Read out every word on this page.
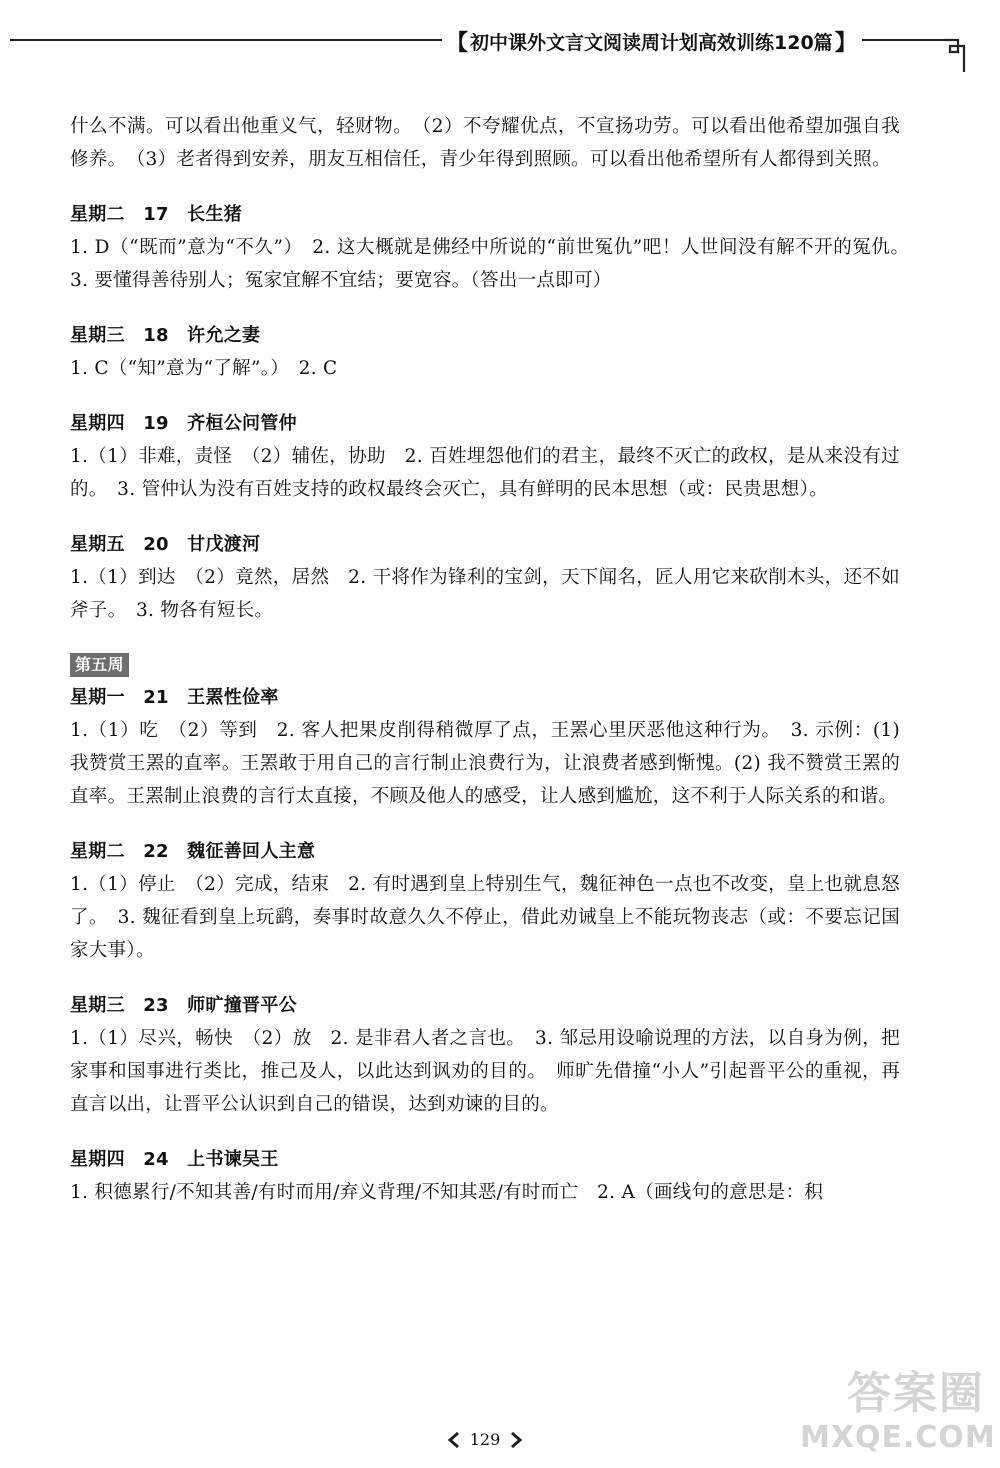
【 初中课外文言文阅读周计划高效训练120篇 】

什么不满。可以看出他重义气，轻财物。　（2）不夸耀优点，不宣扬功劳。可以看出他希望加强自我修养。　（3）老者得到安养，朋友互相信任，青少年得到照顾。可以看出他希望所有人都得到关照。

星期二　17　长生猪

1. D（“既而”意为“不久”）　2. 这大概就是佛经中所说的“前世冤仇”吧！人世间没有解不开的冤仇。　3. 要懂得善待别人；冤家宜解不宜结；要宽容。（答出一点即可）

星期三　18　许允之妻

1. C（“知”意为“了解”。）　2. C

星期四　19　齐桓公问管仲

1.（1）非难，责怪　（2）辅佐，协助　2. 百姓埋怨他们的君主，最终不灭亡的政权，是从来没有过的。　3. 管仲认为没有百姓支持的政权最终会灭亡，具有鲜明的民本思想（或：民贵思想）。

星期五　20　甘戊渡河

1.（1）到达　（2）竟然，居然　2. 干将作为锋利的宝剑，天下闻名，匠人用它来砍削木头，还不如斧子。　3. 物各有短长。

第五周
星期一　21　王罴性俭率

1.（1）吃　（2）等到　2. 客人把果皮削得稍微厚了点，王罴心里厌恶他这种行为。　3. 示例：(1) 我赞赏王罴的直率。王罴敢于用自己的言行制止浪费行为，让浪费者感到惭愧。(2) 我不赞赏王罴的直率。王罴制止浪费的言行太直接，不顾及他人的感受，让人感到尴尬，这不利于人际关系的和谐。

星期二　22　魏征善回人主意

1.（1）停止　（2）完成，结束　2. 有时遇到皇上特别生气，魏征神色一点也不改变，皇上也就息怒了。　3. 魏征看到皇上玩鹞，奏事时故意久久不停止，借此劝诫皇上不能玩物丧志（或：不要忘记国家大事）。

星期三　23　师旷撞晋平公

1.（1）尽兴，畅快　（2）放　2. 是非君人者之言也。　3. 邹忌用设喻说理的方法，以自身为例，把家事和国事进行类比，推己及人，以此达到讽劝的目的。　师旷先借撞“小人”引起晋平公的重视，再直言以出，让晋平公认识到自己的错误，达到劝谏的目的。

星期四　24　上书谏吴王

1. 积德累行/不知其善/有时而用/弃义背理/不知其恶/有时而亡　2. A（画线句的意思是：积

129
答案圈
MXQE.COM
